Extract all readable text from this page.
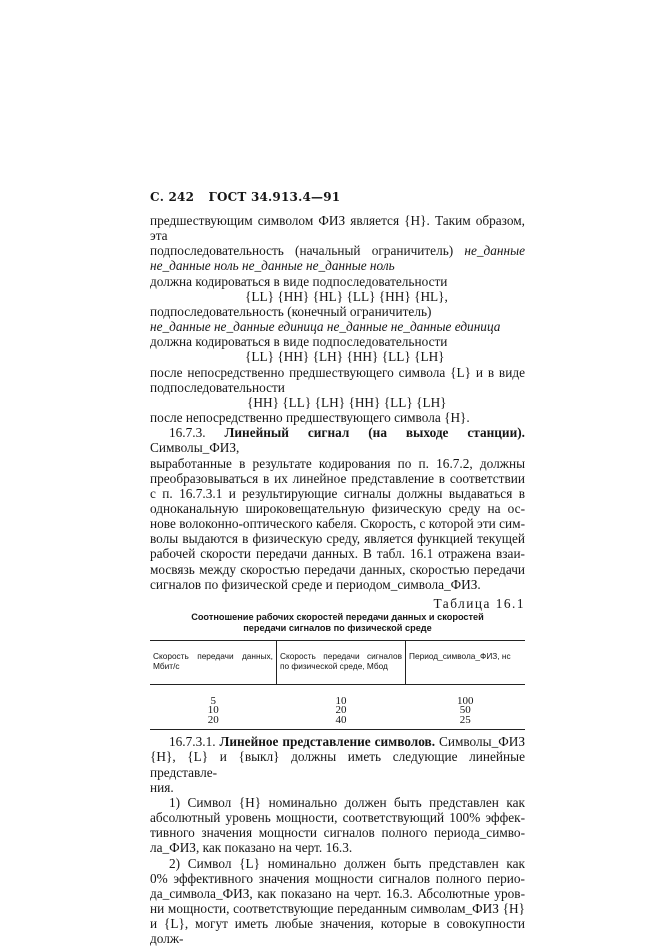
С. 242 ГОСТ 34.913.4—91
предшествующим символом ФИЗ является {Н}. Таким образом, эта
подпоследовательность (начальный ограничитель) не_данные
не_данные ноль не_данные не_данные ноль
должна кодироваться в виде подпоследовательности
{LL} {HH} {HL} {LL} {HH} {HL},
подпоследовательность (конечный ограничитель)
не_данные не_данные единица не_данные не_данные единица
должна кодироваться в виде подпоследовательности
{LL} {HH} {LH} {HH} {LL} {LH}
после непосредственно предшествующего символа {L} и в виде
подпоследовательности
{HH} {LL} {LH} {HH} {LL} {LH}
после непосредственно предшествующего символа {Н}.
16.7.3. Линейный сигнал (на выходе станции). Символы_ФИЗ,
выработанные в результате кодирования по п. 16.7.2, должны
преобразовываться в их линейное представление в соответствии
с п. 16.7.3.1 и результирующие сигналы должны выдаваться в
одноканальную широковещательную физическую среду на ос-
нове волоконно-оптического кабеля. Скорость, с которой эти сим-
волы выдаются в физическую среду, является функцией текущей
рабочей скорости передачи данных. В табл. 16.1 отражена взаи-
мосвязь между скоростью передачи данных, скоростью передачи
сигналов по физической среде и периодом_символа_ФИЗ.
Таблица 16.1
Соотношение рабочих скоростей передачи данных и скоростей
передачи сигналов по физической среде
Скорость передачи данных, Мбит/с	Скорость передачи сигналов по физической среде, Мбод	Период_символа_ФИЗ, нс
5	10	100
10	20	50
20	40	25
16.7.3.1. Линейное представление символов. Символы_ФИЗ
{Н}, {L} и {выкл} должны иметь следующие линейные представле-
ния.
1) Символ {Н} номинально должен быть представлен как
абсолютный уровень мощности, соответствующий 100% эффек-
тивного значения мощности сигналов полного периода_симво-
ла_ФИЗ, как показано на черт. 16.3.
2) Символ {L} номинально должен быть представлен как
0% эффективного значения мощности сигналов полного перио-
да_символа_ФИЗ, как показано на черт. 16.3. Абсолютные уров-
ни мощности, соответствующие переданным символам_ФИЗ {Н}
и {L}, могут иметь любые значения, которые в совокупности долж-
